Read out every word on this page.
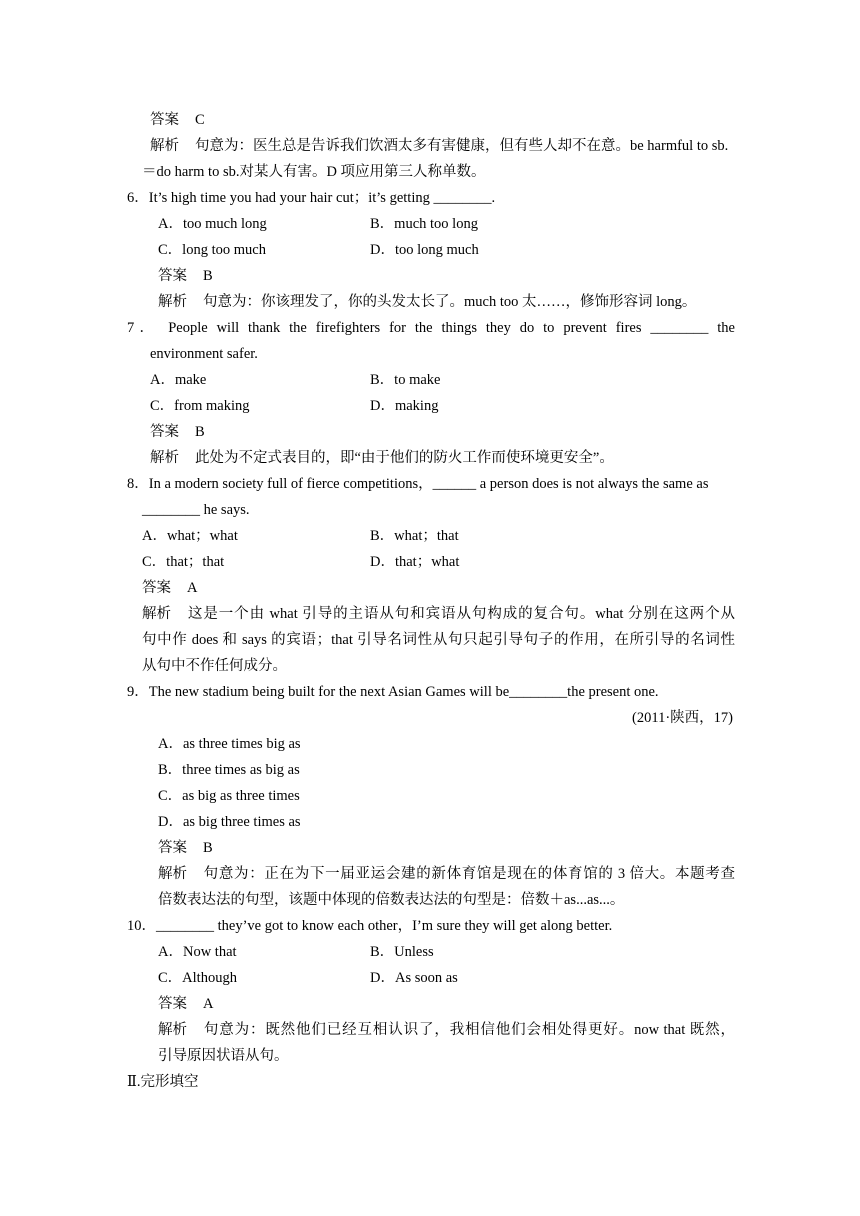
答案 C
解析 句意为：医生总是告诉我们饮酒太多有害健康，但有些人却不在意。be harmful to sb.
＝do harm to sb.对某人有害。D 项应用第三人称单数。
6．It’s high time you had your hair cut；it’s getting ________.
A．too much long	B．much too long
C．long too much	D．too long much
答案 B
解析 句意为：你该理发了，你的头发太长了。much too 太……，修饰形容词 long。
7． People will thank the firefighters for the things they do to prevent fires ________ the
environment safer.
A．make	B．to make
C．from making	D．making
答案 B
解析 此处为不定式表目的，即“由于他们的防火工作而使环境更安全”。
8．In a modern society full of fierce competitions，______ a person does is not always the same as
________ he says.
A．what；what	B．what；that
C．that；that	D．that；what
答案 A
解析 这是一个由 what 引导的主语从句和宾语从句构成的复合句。what 分别在这两个从
句中作 does 和 says 的宾语；that 引导名词性从句只起引导句子的作用，在所引导的名词性
从句中不作任何成分。
9．The new stadium being built for the next Asian Games will be________the present one.
(2011·陕西，17)
A．as three times big as
B．three times as big as
C．as big as three times
D．as big three times as
答案 B
解析 句意为：正在为下一届亚运会建的新体育馆是现在的体育馆的 3 倍大。本题考查
倍数表达法的句型，该题中体现的倍数表达法的句型是：倍数＋as...as...。
10．________ they’ve got to know each other，I’m sure they will get along better.
A．Now that	B．Unless
C．Although	D．As soon as
答案 A
解析 句意为：既然他们已经互相认识了，我相信他们会相处得更好。now that 既然，
引导原因状语从句。
Ⅱ.完形填空
